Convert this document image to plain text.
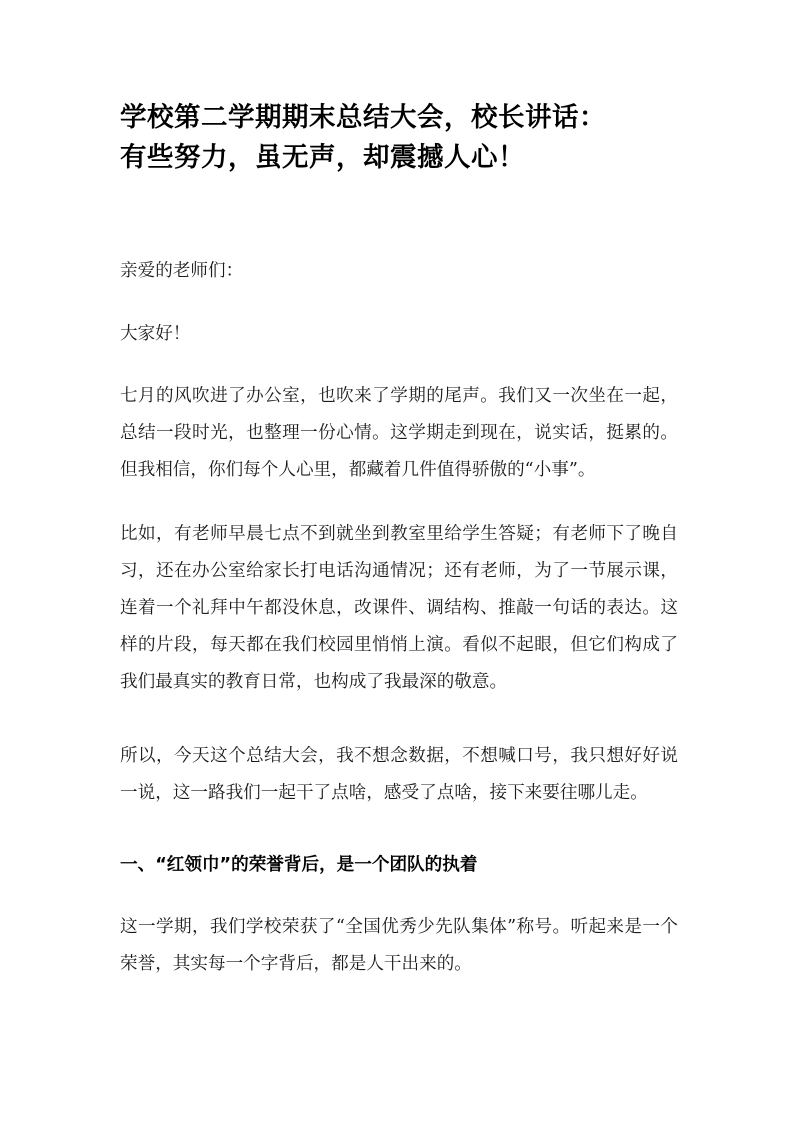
学校第二学期期末总结大会，校长讲话：
有些努力，虽无声，却震撼人心！

亲爱的老师们：

大家好！

七月的风吹进了办公室，也吹来了学期的尾声。我们又一次坐在一起，总结一段时光，也整理一份心情。这学期走到现在，说实话，挺累的。但我相信，你们每个人心里，都藏着几件值得骄傲的“小事”。

比如，有老师早晨七点不到就坐到教室里给学生答疑；有老师下了晚自习，还在办公室给家长打电话沟通情况；还有老师，为了一节展示课，连着一个礼拜中午都没休息，改课件、调结构、推敲一句话的表达。这样的片段，每天都在我们校园里悄悄上演。看似不起眼，但它们构成了我们最真实的教育日常，也构成了我最深的敬意。

所以，今天这个总结大会，我不想念数据，不想喊口号，我只想好好说一说，这一路我们一起干了点啥，感受了点啥，接下来要往哪儿走。

一、“红领巾”的荣誉背后，是一个团队的执着

这一学期，我们学校荣获了“全国优秀少先队集体”称号。听起来是一个荣誉，其实每一个字背后，都是人干出来的。
